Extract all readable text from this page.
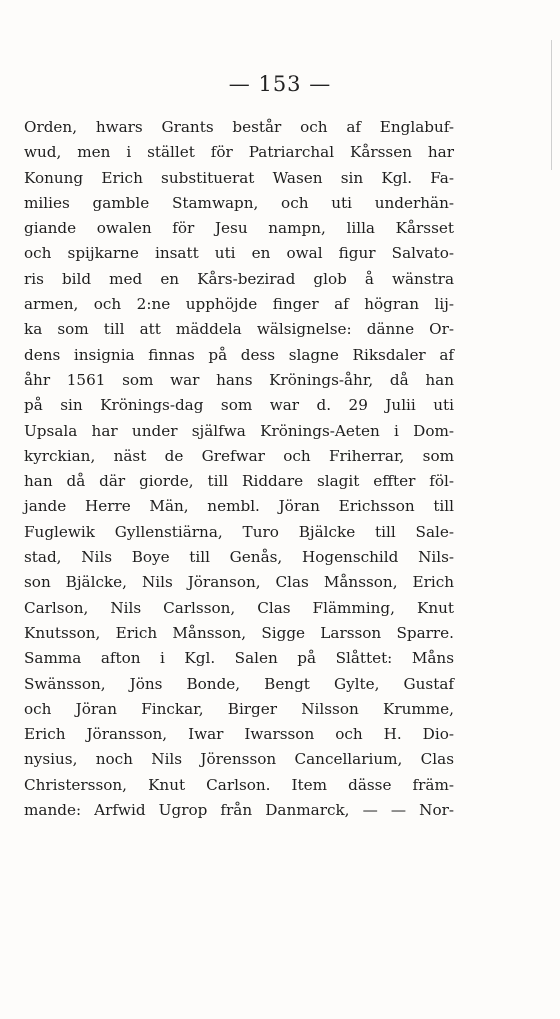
— 153 —
Orden, hwars Grants består och af Englabuf-
wud, men i stället för Patriarchal Kårssen har
Konung Erich substituerat Wasen sin Kgl. Fa-
milies gamble Stamwapn, och uti underhän-
giande owalen för Jesu nampn, lilla Kårsset
och spijkarne insatt uti en owal figur Salvato-
ris bild med en Kårs-bezirad glob å wänstra
armen, och 2:ne upphöjde finger af högran lij-
ka som till att mäddela wälsignelse: dänne Or-
dens insignia finnas på dess slagne Riksdaler af
åhr 1561 som war hans Krönings-åhr, då han
på sin Krönings-dag som war d. 29 Julii uti
Upsala har under själfwa Krönings-Aeten i Dom-
kyrckian, näst de Grefwar och Friherrar, som
han då där giorde, till Riddare slagit effter föl-
jande Herre Män, nembl. Jöran Erichsson till
Fuglewik Gyllenstiärna, Turo Bjälcke till Sale-
stad, Nils Boye till Genås, Hogenschild Nils-
son Bjälcke, Nils Jöranson, Clas Månsson, Erich
Carlson, Nils Carlsson, Clas Flämming, Knut
Knutsson, Erich Månsson, Sigge Larsson Sparre.
Samma afton i Kgl. Salen på Slåttet: Måns
Swänsson, Jöns Bonde, Bengt Gylte, Gustaf
och Jöran Finckar, Birger Nilsson Krumme,
Erich Jöransson, Iwar Iwarsson och H. Dio-
nysius, noch Nils Jörensson Cancellarium, Clas
Christersson, Knut Carlson. Item dässe främ-
mande: Arfwid Ugrop från Danmarck, — — Nor-
